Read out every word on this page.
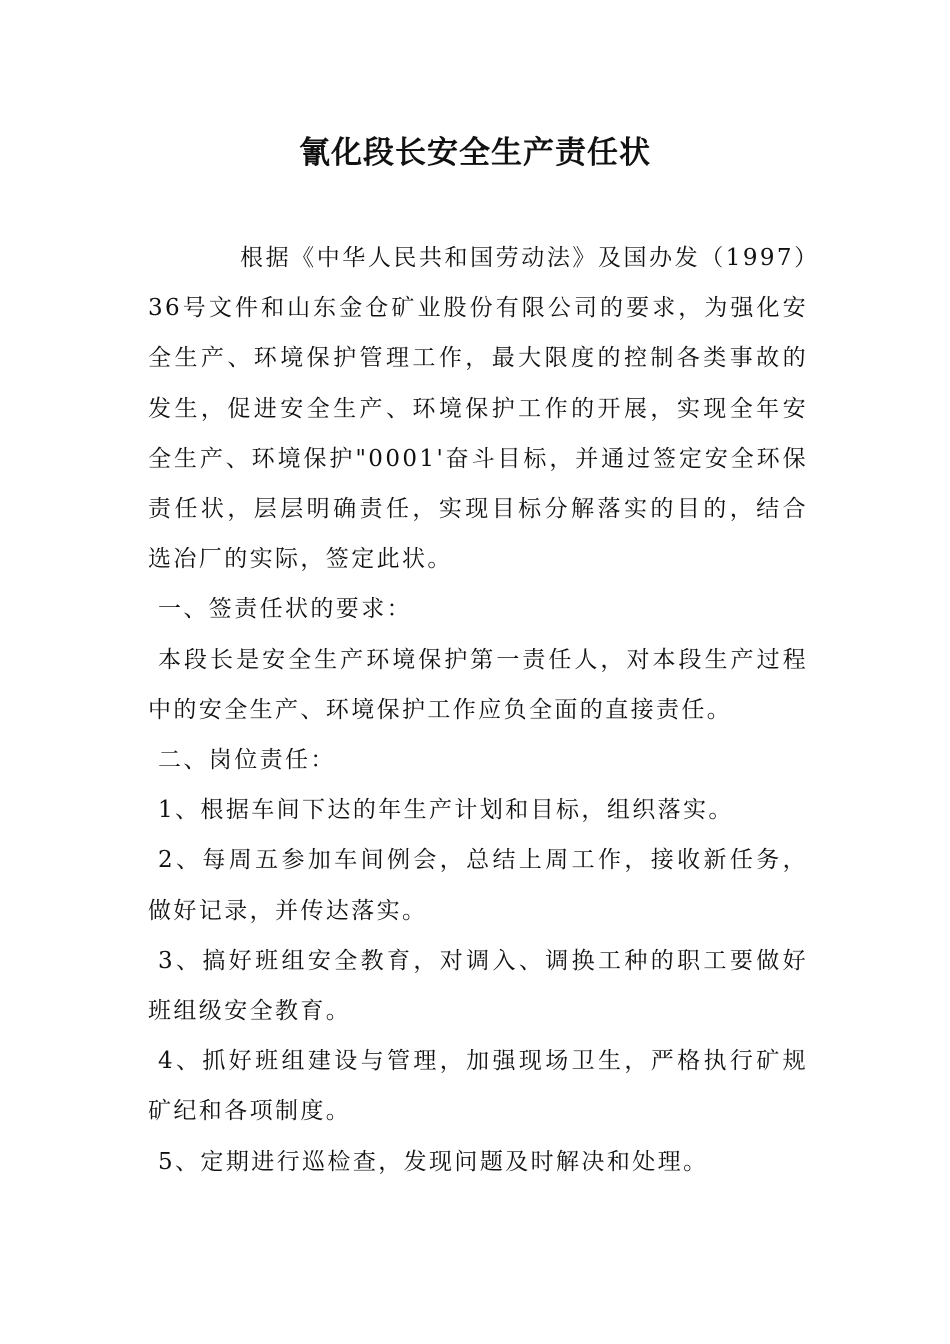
氰化段长安全生产责任状

根据《中华人民共和国劳动法》及国办发（1997）36号文件和山东金仓矿业股份有限公司的要求，为强化安全生产、环境保护管理工作，最大限度的控制各类事故的发生，促进安全生产、环境保护工作的开展，实现全年安全生产、环境保护"0001'奋斗目标，并通过签定安全环保责任状，层层明确责任，实现目标分解落实的目的，结合选冶厂的实际，签定此状。

一、签责任状的要求：

本段长是安全生产环境保护第一责任人，对本段生产过程中的安全生产、环境保护工作应负全面的直接责任。

二、岗位责任：

1、根据车间下达的年生产计划和目标，组织落实。

2、每周五参加车间例会，总结上周工作，接收新任务，做好记录，并传达落实。

3、搞好班组安全教育，对调入、调换工种的职工要做好班组级安全教育。

4、抓好班组建设与管理，加强现场卫生，严格执行矿规矿纪和各项制度。

5、定期进行巡检查，发现问题及时解决和处理。
